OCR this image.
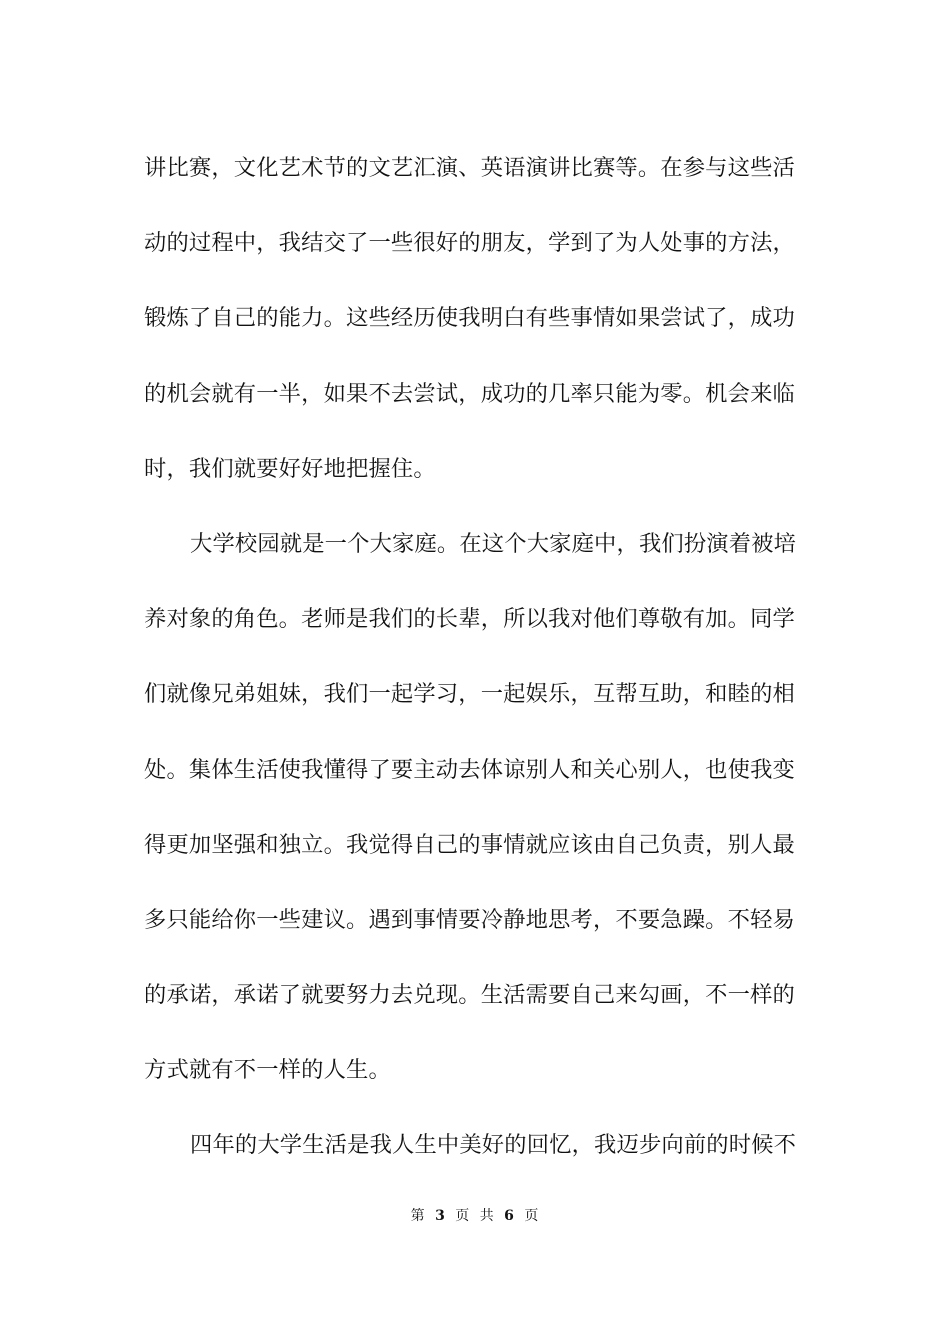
讲比赛，文化艺术节的文艺汇演、英语演讲比赛等。在参与这些活
动的过程中，我结交了一些很好的朋友，学到了为人处事的方法，
锻炼了自己的能力。这些经历使我明白有些事情如果尝试了，成功
的机会就有一半，如果不去尝试，成功的几率只能为零。机会来临
时，我们就要好好地把握住。
大学校园就是一个大家庭。在这个大家庭中，我们扮演着被培
养对象的角色。老师是我们的长辈，所以我对他们尊敬有加。同学
们就像兄弟姐妹，我们一起学习，一起娱乐，互帮互助，和睦的相
处。集体生活使我懂得了要主动去体谅别人和关心别人，也使我变
得更加坚强和独立。我觉得自己的事情就应该由自己负责，别人最
多只能给你一些建议。遇到事情要冷静地思考，不要急躁。不轻易
的承诺，承诺了就要努力去兑现。生活需要自己来勾画，不一样的
方式就有不一样的人生。
四年的大学生活是我人生中美好的回忆，我迈步向前的时候不
第 3 页 共 6 页
